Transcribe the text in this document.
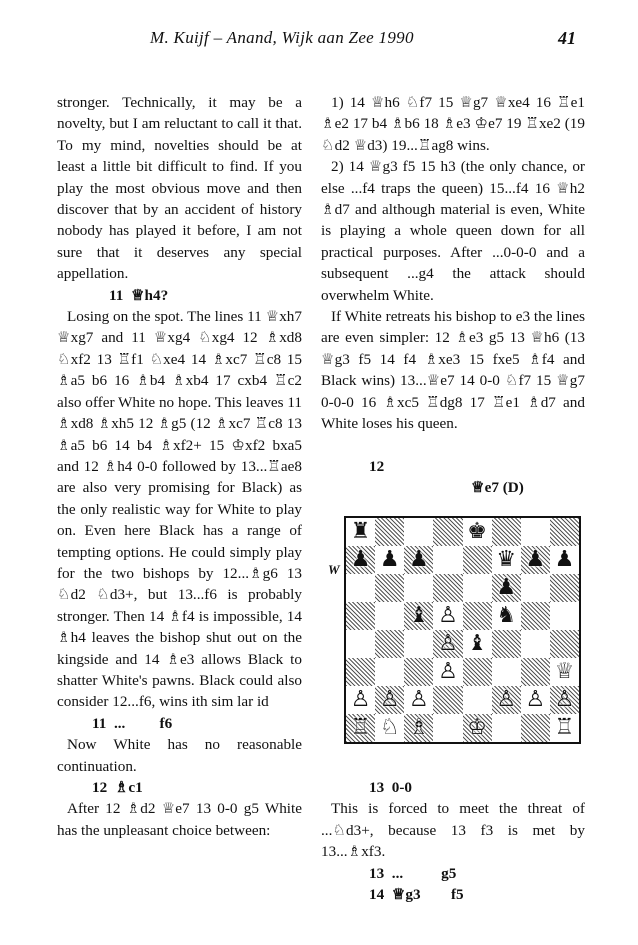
M. Kuijf – Anand, Wijk aan Zee 1990	41

stronger. Technically, it may be a novelty, but I am reluctant to call it that. To my mind, novelties should be at least a little bit difficult to find. If you play the most obvious move and then discover that by an accident of history nobody has played it before, I am not sure that it deserves any special appellation.

11  ♕h4?

Losing on the spot. The lines 11 ♕xh7 ♕xg7 and 11 ♕xg4 ♘xg4 12 ♗xd8 ♘xf2 13 ♖f1 ♘xe4 14 ♗xc7 ♖c8 15 ♗a5 b6 16 ♗b4 ♗xb4 17 cxb4 ♖c2 also offer White no hope. This leaves 11 ♗xd8 ♗xh5 12 ♗g5 (12 ♗xc7 ♖c8 13 ♗a5 b6 14 b4 ♗xf2+ 15 ♔xf2 bxa5 and 12 ♗h4 0-0 followed by 13...♖ae8 are also very promising for Black) as the only realistic way for White to play on. Even here Black has a range of tempting options. He could simply play for the two bishops by 12...♗g6 13 ♘d2 ♘d3+, but 13...f6 is probably stronger. Then 14 ♗f4 is impossible, 14 ♗h4 leaves the bishop shut out on the kingside and 14 ♗e3 allows Black to shatter White's pawns. Black could also consider 12...f6, wins ith sim lar id

11  ...         f6

Now White has no reasonable continuation.

12  ♗c1

After 12 ♗d2 ♕e7 13 0-0 g5 White has the unpleasant choice between:

1) 14 ♕h6 ♘f7 15 ♕g7 ♕xe4 16 ♖e1 ♗e2 17 b4 ♗b6 18 ♗e3 ♔e7 19 ♖xe2 (19 ♘d2 ♕d3) 19...♖ag8 wins.

2) 14 ♕g3 f5 15 h3 (the only chance, or else ...f4 traps the queen) 15...f4 16 ♕h2 ♗d7 and although material is even, White is playing a whole queen down for all practical purposes. After ...0-0-0 and a subsequent ...g4 the attack should overwhelm White.

If White retreats his bishop to e3 the lines are even simpler: 12 ♗e3 g5 13 ♕h6 (13 ♕g3 f5 14 f4 ♗xe3 15 fxe5 ♗f4 and Black wins) 13...♕e7 14 0-0 ♘f7 15 ♕g7 0-0-0 16 ♗xc5 ♖dg8 17 ♖e1 ♗d7 and White loses his queen.

12

♕e7 (D)

W
♜	♚
♟ ♟ ♟	♛ ♟ ♟
♟
♝ ♙ ♞
♙ ♝
♙	♕
♙ ♙ ♙	♙ ♙ ♙
♖ ♘ ♗ ♔	♖
13  0-0

This is forced to meet the threat of ...♘d3+, because 13 f3 is met by 13...♗xf3.

13  ...          g5
14  ♕g3        f5
